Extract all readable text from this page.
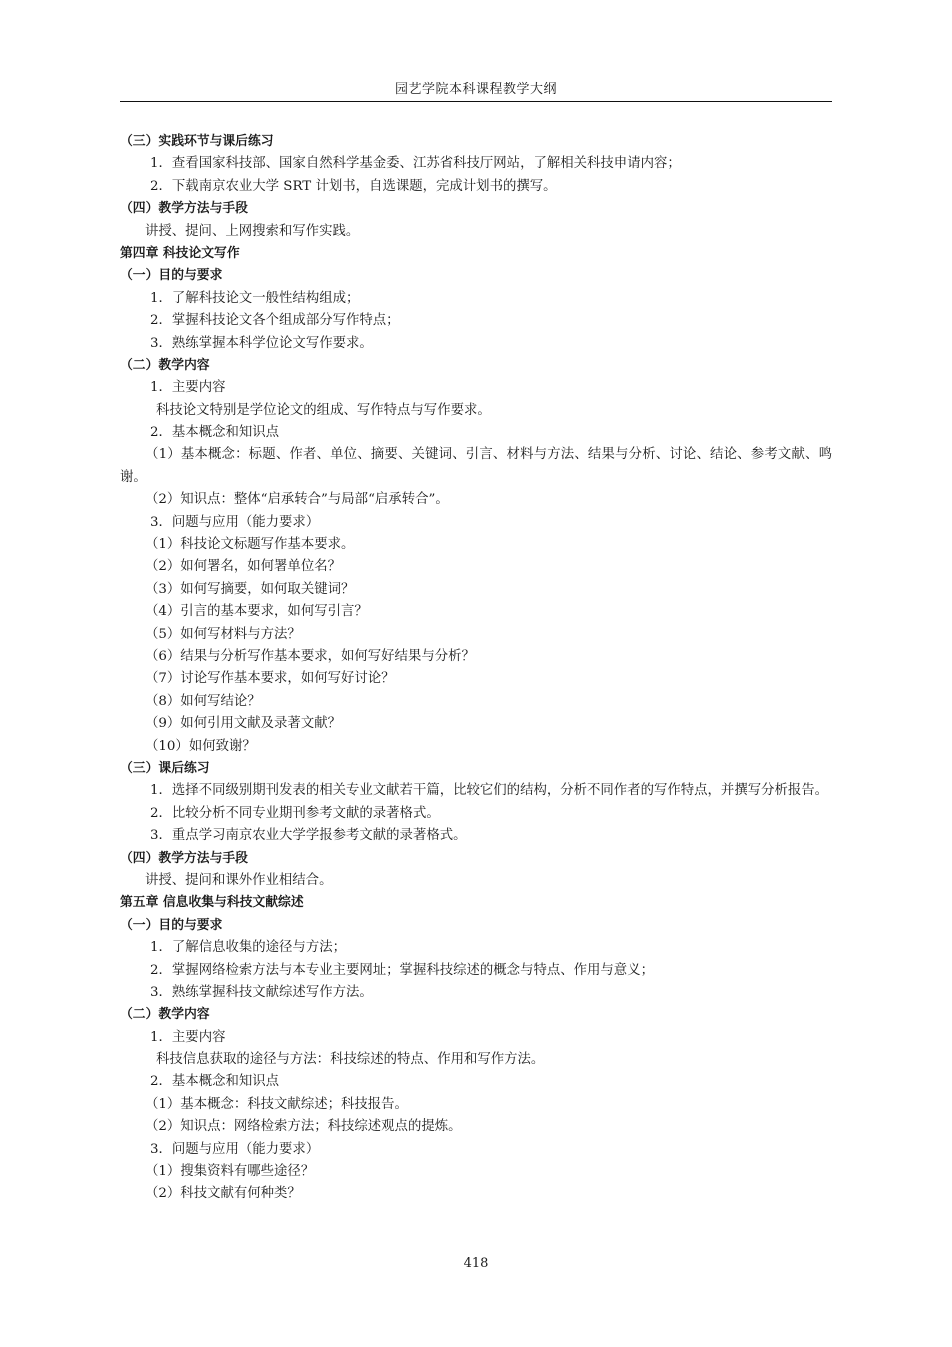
园艺学院本科课程教学大纲
（三）实践环节与课后练习
1．查看国家科技部、国家自然科学基金委、江苏省科技厅网站，了解相关科技申请内容；
2．下载南京农业大学 SRT 计划书，自选课题，完成计划书的撰写。
（四）教学方法与手段
讲授、提问、上网搜索和写作实践。
第四章 科技论文写作
（一）目的与要求
1．了解科技论文一般性结构组成；
2．掌握科技论文各个组成部分写作特点；
3．熟练掌握本科学位论文写作要求。
（二）教学内容
1．主要内容
科技论文特别是学位论文的组成、写作特点与写作要求。
2．基本概念和知识点
（1）基本概念：标题、作者、单位、摘要、关键词、引言、材料与方法、结果与分析、讨论、结论、参考文献、鸣谢。
（2）知识点：整体“启承转合”与局部“启承转合”。
3．问题与应用（能力要求）
（1）科技论文标题写作基本要求。
（2）如何署名，如何署单位名？
（3）如何写摘要，如何取关键词？
（4）引言的基本要求，如何写引言？
（5）如何写材料与方法？
（6）结果与分析写作基本要求，如何写好结果与分析？
（7）讨论写作基本要求，如何写好讨论？
（8）如何写结论？
（9）如何引用文献及录著文献？
（10）如何致谢？
（三）课后练习
1．选择不同级别期刊发表的相关专业文献若干篇，比较它们的结构，分析不同作者的写作特点，并撰写分析报告。
2．比较分析不同专业期刊参考文献的录著格式。
3．重点学习南京农业大学学报参考文献的录著格式。
（四）教学方法与手段
讲授、提问和课外作业相结合。
第五章 信息收集与科技文献综述
（一）目的与要求
1．了解信息收集的途径与方法；
2．掌握网络检索方法与本专业主要网址；掌握科技综述的概念与特点、作用与意义；
3．熟练掌握科技文献综述写作方法。
（二）教学内容
1．主要内容
科技信息获取的途径与方法：科技综述的特点、作用和写作方法。
2．基本概念和知识点
（1）基本概念：科技文献综述；科技报告。
（2）知识点：网络检索方法；科技综述观点的提炼。
3．问题与应用（能力要求）
（1）搜集资料有哪些途径？
（2）科技文献有何种类？
418
